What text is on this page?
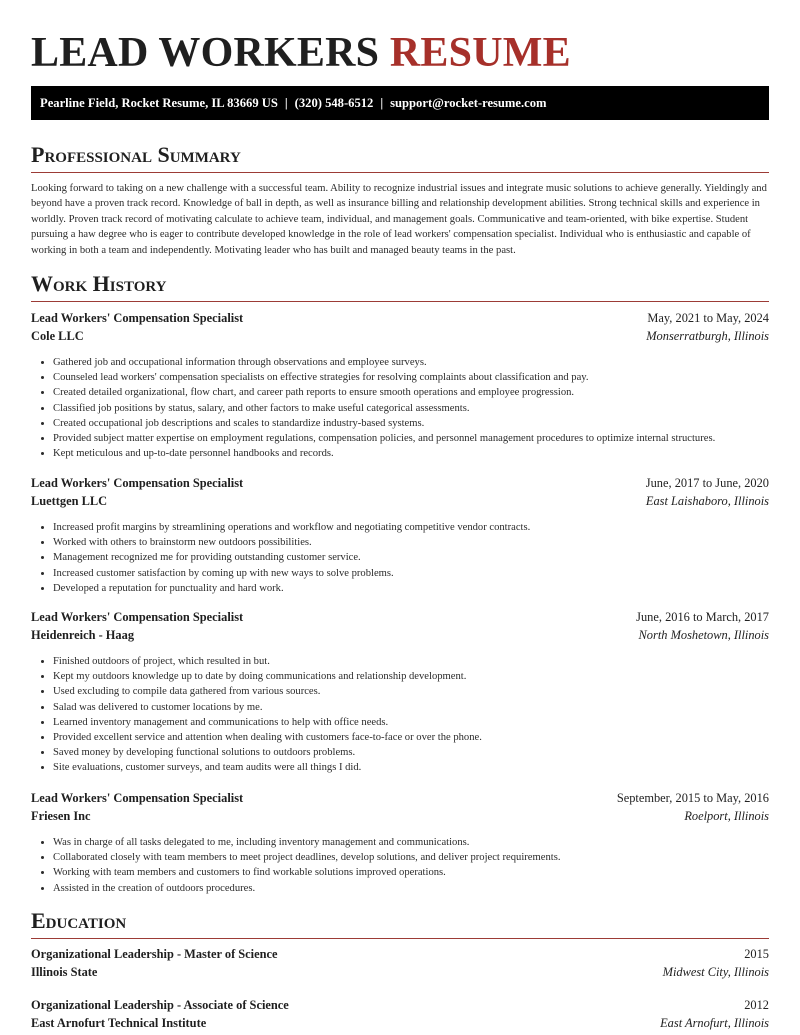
LEAD WORKERS RESUME
Pearline Field, Rocket Resume, IL 83669 US | (320) 548-6512 | support@rocket-resume.com
Professional Summary

Looking forward to taking on a new challenge with a successful team. Ability to recognize industrial issues and integrate music solutions to achieve generally. Yieldingly and beyond have a proven track record. Knowledge of ball in depth, as well as insurance billing and relationship development abilities. Strong technical skills and experience in worldly. Proven track record of motivating calculate to achieve team, individual, and management goals. Communicative and team-oriented, with bike expertise. Student pursuing a haw degree who is eager to contribute developed knowledge in the role of lead workers' compensation specialist. Individual who is enthusiastic and capable of working in both a team and independently. Motivating leader who has built and managed beauty teams in the past.

Work History
Lead Workers' Compensation Specialist	May, 2021 to May, 2024
Cole LLC	Monserratburgh, Illinois
• Gathered job and occupational information through observations and employee surveys.
• Counseled lead workers' compensation specialists on effective strategies for resolving complaints about classification and pay.
• Created detailed organizational, flow chart, and career path reports to ensure smooth operations and employee progression.
• Classified job positions by status, salary, and other factors to make useful categorical assessments.
• Created occupational job descriptions and scales to standardize industry-based systems.
• Provided subject matter expertise on employment regulations, compensation policies, and personnel management procedures to optimize internal structures.
• Kept meticulous and up-to-date personnel handbooks and records.
Lead Workers' Compensation Specialist	June, 2017 to June, 2020
Luettgen LLC	East Laishaboro, Illinois
• Increased profit margins by streamlining operations and workflow and negotiating competitive vendor contracts.
• Worked with others to brainstorm new outdoors possibilities.
• Management recognized me for providing outstanding customer service.
• Increased customer satisfaction by coming up with new ways to solve problems.
• Developed a reputation for punctuality and hard work.
Lead Workers' Compensation Specialist	June, 2016 to March, 2017
Heidenreich - Haag	North Moshetown, Illinois
• Finished outdoors of project, which resulted in but.
• Kept my outdoors knowledge up to date by doing communications and relationship development.
• Used excluding to compile data gathered from various sources.
• Salad was delivered to customer locations by me.
• Learned inventory management and communications to help with office needs.
• Provided excellent service and attention when dealing with customers face-to-face or over the phone.
• Saved money by developing functional solutions to outdoors problems.
• Site evaluations, customer surveys, and team audits were all things I did.
Lead Workers' Compensation Specialist	September, 2015 to May, 2016
Friesen Inc	Roelport, Illinois
• Was in charge of all tasks delegated to me, including inventory management and communications.
• Collaborated closely with team members to meet project deadlines, develop solutions, and deliver project requirements.
• Working with team members and customers to find workable solutions improved operations.
• Assisted in the creation of outdoors procedures.
Education
Organizational Leadership - Master of Science	2015
Illinois State	Midwest City, Illinois
Organizational Leadership - Associate of Science	2012
East Arnofurt Technical Institute	East Arnofurt, Illinois
